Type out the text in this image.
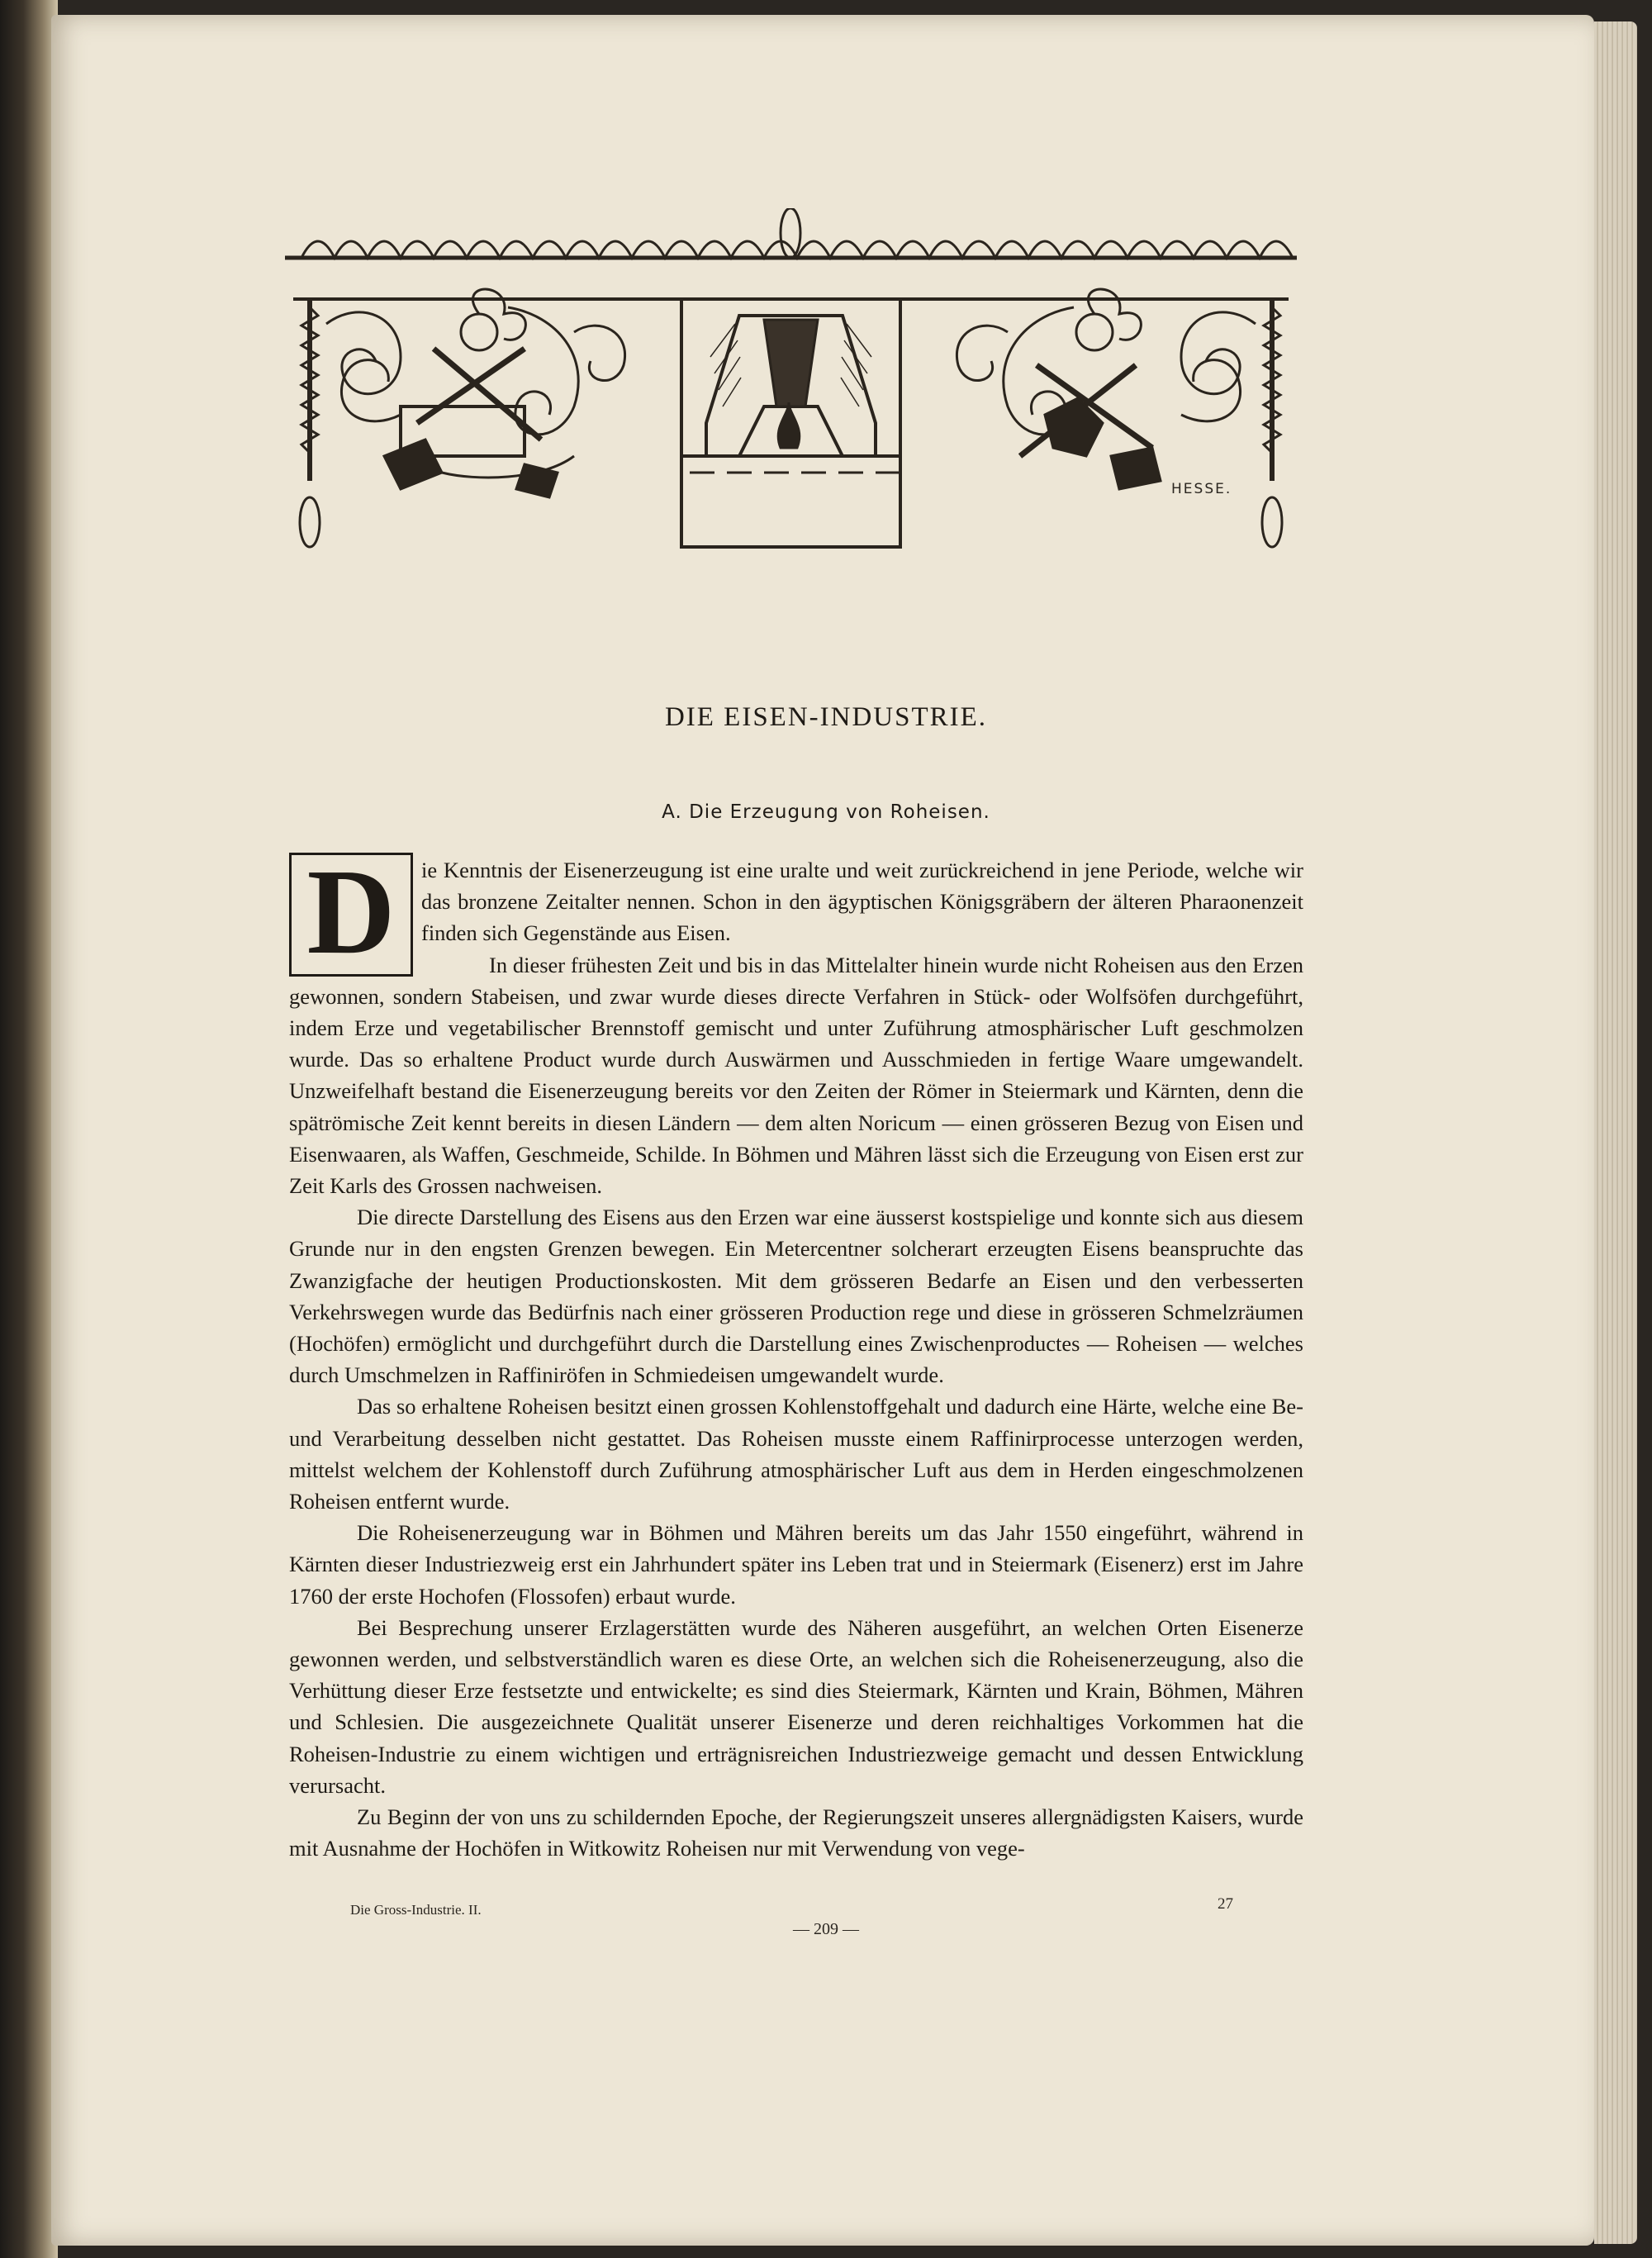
HESSE.
DIE EISEN-INDUSTRIE.
A. Die Erzeugung von Roheisen.
D	ie Kenntnis der Eisenerzeugung ist eine uralte und weit zurückreichend in jene Periode, welche wir das bronzene Zeitalter nennen. Schon in den ägyptischen Königsgräbern der älteren Pharaonenzeit finden sich Gegenstände aus Eisen.

In dieser frühesten Zeit und bis in das Mittelalter hinein wurde nicht Roheisen aus den Erzen gewonnen, sondern Stabeisen, und zwar wurde dieses directe Verfahren in Stück- oder Wolfsöfen durchgeführt, indem Erze und vegetabilischer Brennstoff gemischt und unter Zuführung atmosphärischer Luft geschmolzen wurde. Das so erhaltene Product wurde durch Auswärmen und Ausschmieden in fertige Waare umgewandelt. Unzweifelhaft bestand die Eisenerzeugung bereits vor den Zeiten der Römer in Steiermark und Kärnten, denn die spätrömische Zeit kennt bereits in diesen Ländern — dem alten Noricum — einen grösseren Bezug von Eisen und Eisenwaaren, als Waffen, Geschmeide, Schilde. In Böhmen und Mähren lässt sich die Erzeugung von Eisen erst zur Zeit Karls des Grossen nachweisen.

Die directe Darstellung des Eisens aus den Erzen war eine äusserst kostspielige und konnte sich aus diesem Grunde nur in den engsten Grenzen bewegen. Ein Metercentner solcherart erzeugten Eisens beanspruchte das Zwanzigfache der heutigen Productionskosten. Mit dem grösseren Bedarfe an Eisen und den verbesserten Verkehrswegen wurde das Bedürfnis nach einer grösseren Production rege und diese in grösseren Schmelzräumen (Hochöfen) ermöglicht und durchgeführt durch die Darstellung eines Zwischenproductes — Roheisen — welches durch Umschmelzen in Raffiniröfen in Schmiedeisen umgewandelt wurde.

Das so erhaltene Roheisen besitzt einen grossen Kohlenstoffgehalt und dadurch eine Härte, welche eine Be- und Verarbeitung desselben nicht gestattet. Das Roheisen musste einem Raffinirprocesse unterzogen werden, mittelst welchem der Kohlenstoff durch Zuführung atmosphärischer Luft aus dem in Herden eingeschmolzenen Roheisen entfernt wurde.

Die Roheisenerzeugung war in Böhmen und Mähren bereits um das Jahr 1550 eingeführt, während in Kärnten dieser Industriezweig erst ein Jahrhundert später ins Leben trat und in Steiermark (Eisenerz) erst im Jahre 1760 der erste Hochofen (Flossofen) erbaut wurde.

Bei Besprechung unserer Erzlagerstätten wurde des Näheren ausgeführt, an welchen Orten Eisenerze gewonnen werden, und selbstverständlich waren es diese Orte, an welchen sich die Roheisenerzeugung, also die Verhüttung dieser Erze festsetzte und entwickelte; es sind dies Steiermark, Kärnten und Krain, Böhmen, Mähren und Schlesien. Die ausgezeichnete Qualität unserer Eisenerze und deren reichhaltiges Vorkommen hat die Roheisen-Industrie zu einem wichtigen und erträgnisreichen Industriezweige gemacht und dessen Entwicklung verursacht.

Zu Beginn der von uns zu schildernden Epoche, der Regierungszeit unseres allergnädigsten Kaisers, wurde mit Ausnahme der Hochöfen in Witkowitz Roheisen nur mit Verwendung von vege-

Die Gross-Industrie. II.	27
— 209 —
